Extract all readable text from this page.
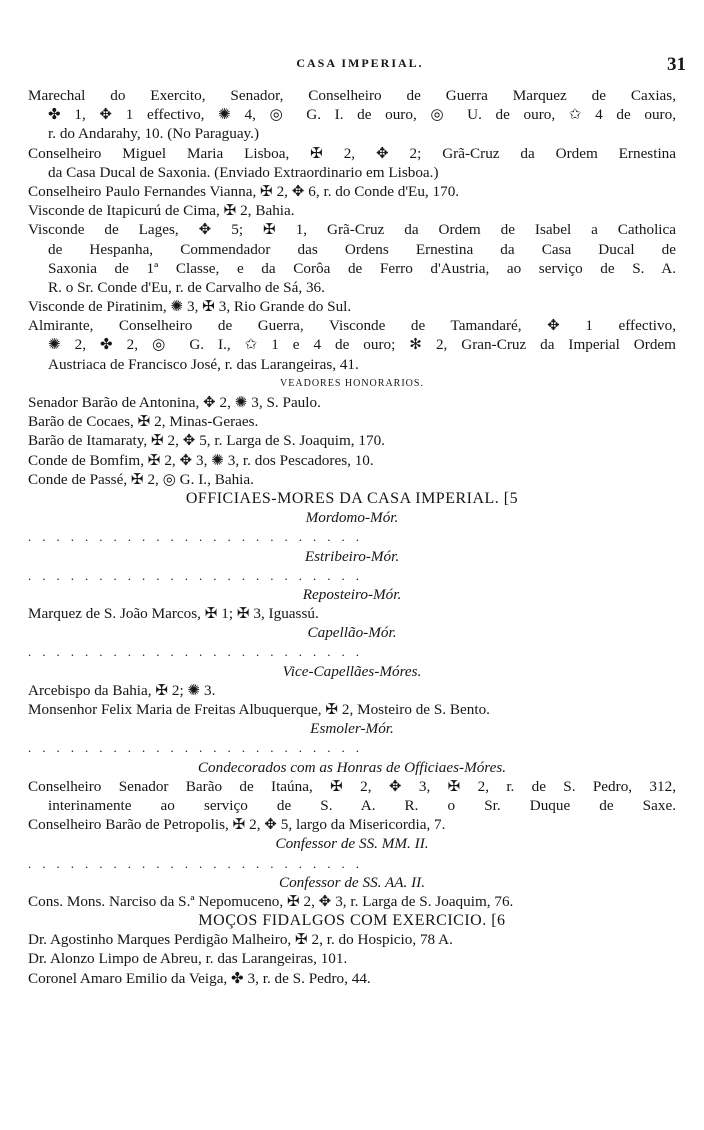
CASA IMPERIAL.	31
Marechal do Exercito, Senador, Conselheiro de Guerra Marquez de Caxias,
✤ 1, ✥ 1 effectivo, ✺ 4, ◎ G. I. de ouro, ◎ U. de ouro, ✩ 4 de ouro,
r. do Andarahy, 10. (No Paraguay.)
Conselheiro Miguel Maria Lisboa, ✠ 2, ✥ 2; Grã-Cruz da Ordem Ernestina
da Casa Ducal de Saxonia. (Enviado Extraordinario em Lisboa.)
Conselheiro Paulo Fernandes Vianna, ✠ 2, ✥ 6, r. do Conde d'Eu, 170.
Visconde de Itapicurú de Cima, ✠ 2, Bahia.
Visconde de Lages, ✥ 5; ✠ 1, Grã-Cruz da Ordem de Isabel a Catholica
de Hespanha, Commendador das Ordens Ernestina da Casa Ducal de
Saxonia de 1ª Classe, e da Corôa de Ferro d'Austria, ao serviço de S. A.
R. o Sr. Conde d'Eu, r. de Carvalho de Sá, 36.
Visconde de Piratinim, ✺ 3, ✠ 3, Rio Grande do Sul.
Almirante, Conselheiro de Guerra, Visconde de Tamandaré, ✥ 1 effectivo,
✺ 2, ✤ 2, ◎ G. I., ✩ 1 e 4 de ouro; ✻ 2, Gran-Cruz da Imperial Ordem
Austriaca de Francisco José, r. das Larangeiras, 41.
VEADORES HONORARIOS.
Senador Barão de Antonina, ✥ 2, ✺ 3, S. Paulo.
Barão de Cocaes, ✠ 2, Minas-Geraes.
Barão de Itamaraty, ✠ 2, ✥ 5, r. Larga de S. Joaquim, 170.
Conde de Bomfim, ✠ 2, ✥ 3, ✺ 3, r. dos Pescadores, 10.
Conde de Passé, ✠ 2, ◎ G. I., Bahia.
OFFICIAES-MORES DA CASA IMPERIAL. [5
Mordomo-Mór.
........................
Estribeiro-Mór.
........................
Reposteiro-Mór.
Marquez de S. João Marcos, ✠ 1; ✠ 3, Iguassú.
Capellão-Mór.
........................
Vice-Capellães-Móres.
Arcebispo da Bahia, ✠ 2; ✺ 3.
Monsenhor Felix Maria de Freitas Albuquerque, ✠ 2, Mosteiro de S. Bento.
Esmoler-Mór.
........................
Condecorados com as Honras de Officiaes-Móres.
Conselheiro Senador Barão de Itaúna, ✠ 2, ✥ 3, ✠ 2, r. de S. Pedro, 312,
interinamente ao serviço de S. A. R. o Sr. Duque de Saxe.
Conselheiro Barão de Petropolis, ✠ 2, ✥ 5, largo da Misericordia, 7.
Confessor de SS. MM. II.
........................
Confessor de SS. AA. II.
Cons. Mons. Narciso da S.ª Nepomuceno, ✠ 2, ✥ 3, r. Larga de S. Joaquim, 76.
MOÇOS FIDALGOS COM EXERCICIO. [6
Dr. Agostinho Marques Perdigão Malheiro, ✠ 2, r. do Hospicio, 78 A.
Dr. Alonzo Limpo de Abreu, r. das Larangeiras, 101.
Coronel Amaro Emilio da Veiga, ✤ 3, r. de S. Pedro, 44.
